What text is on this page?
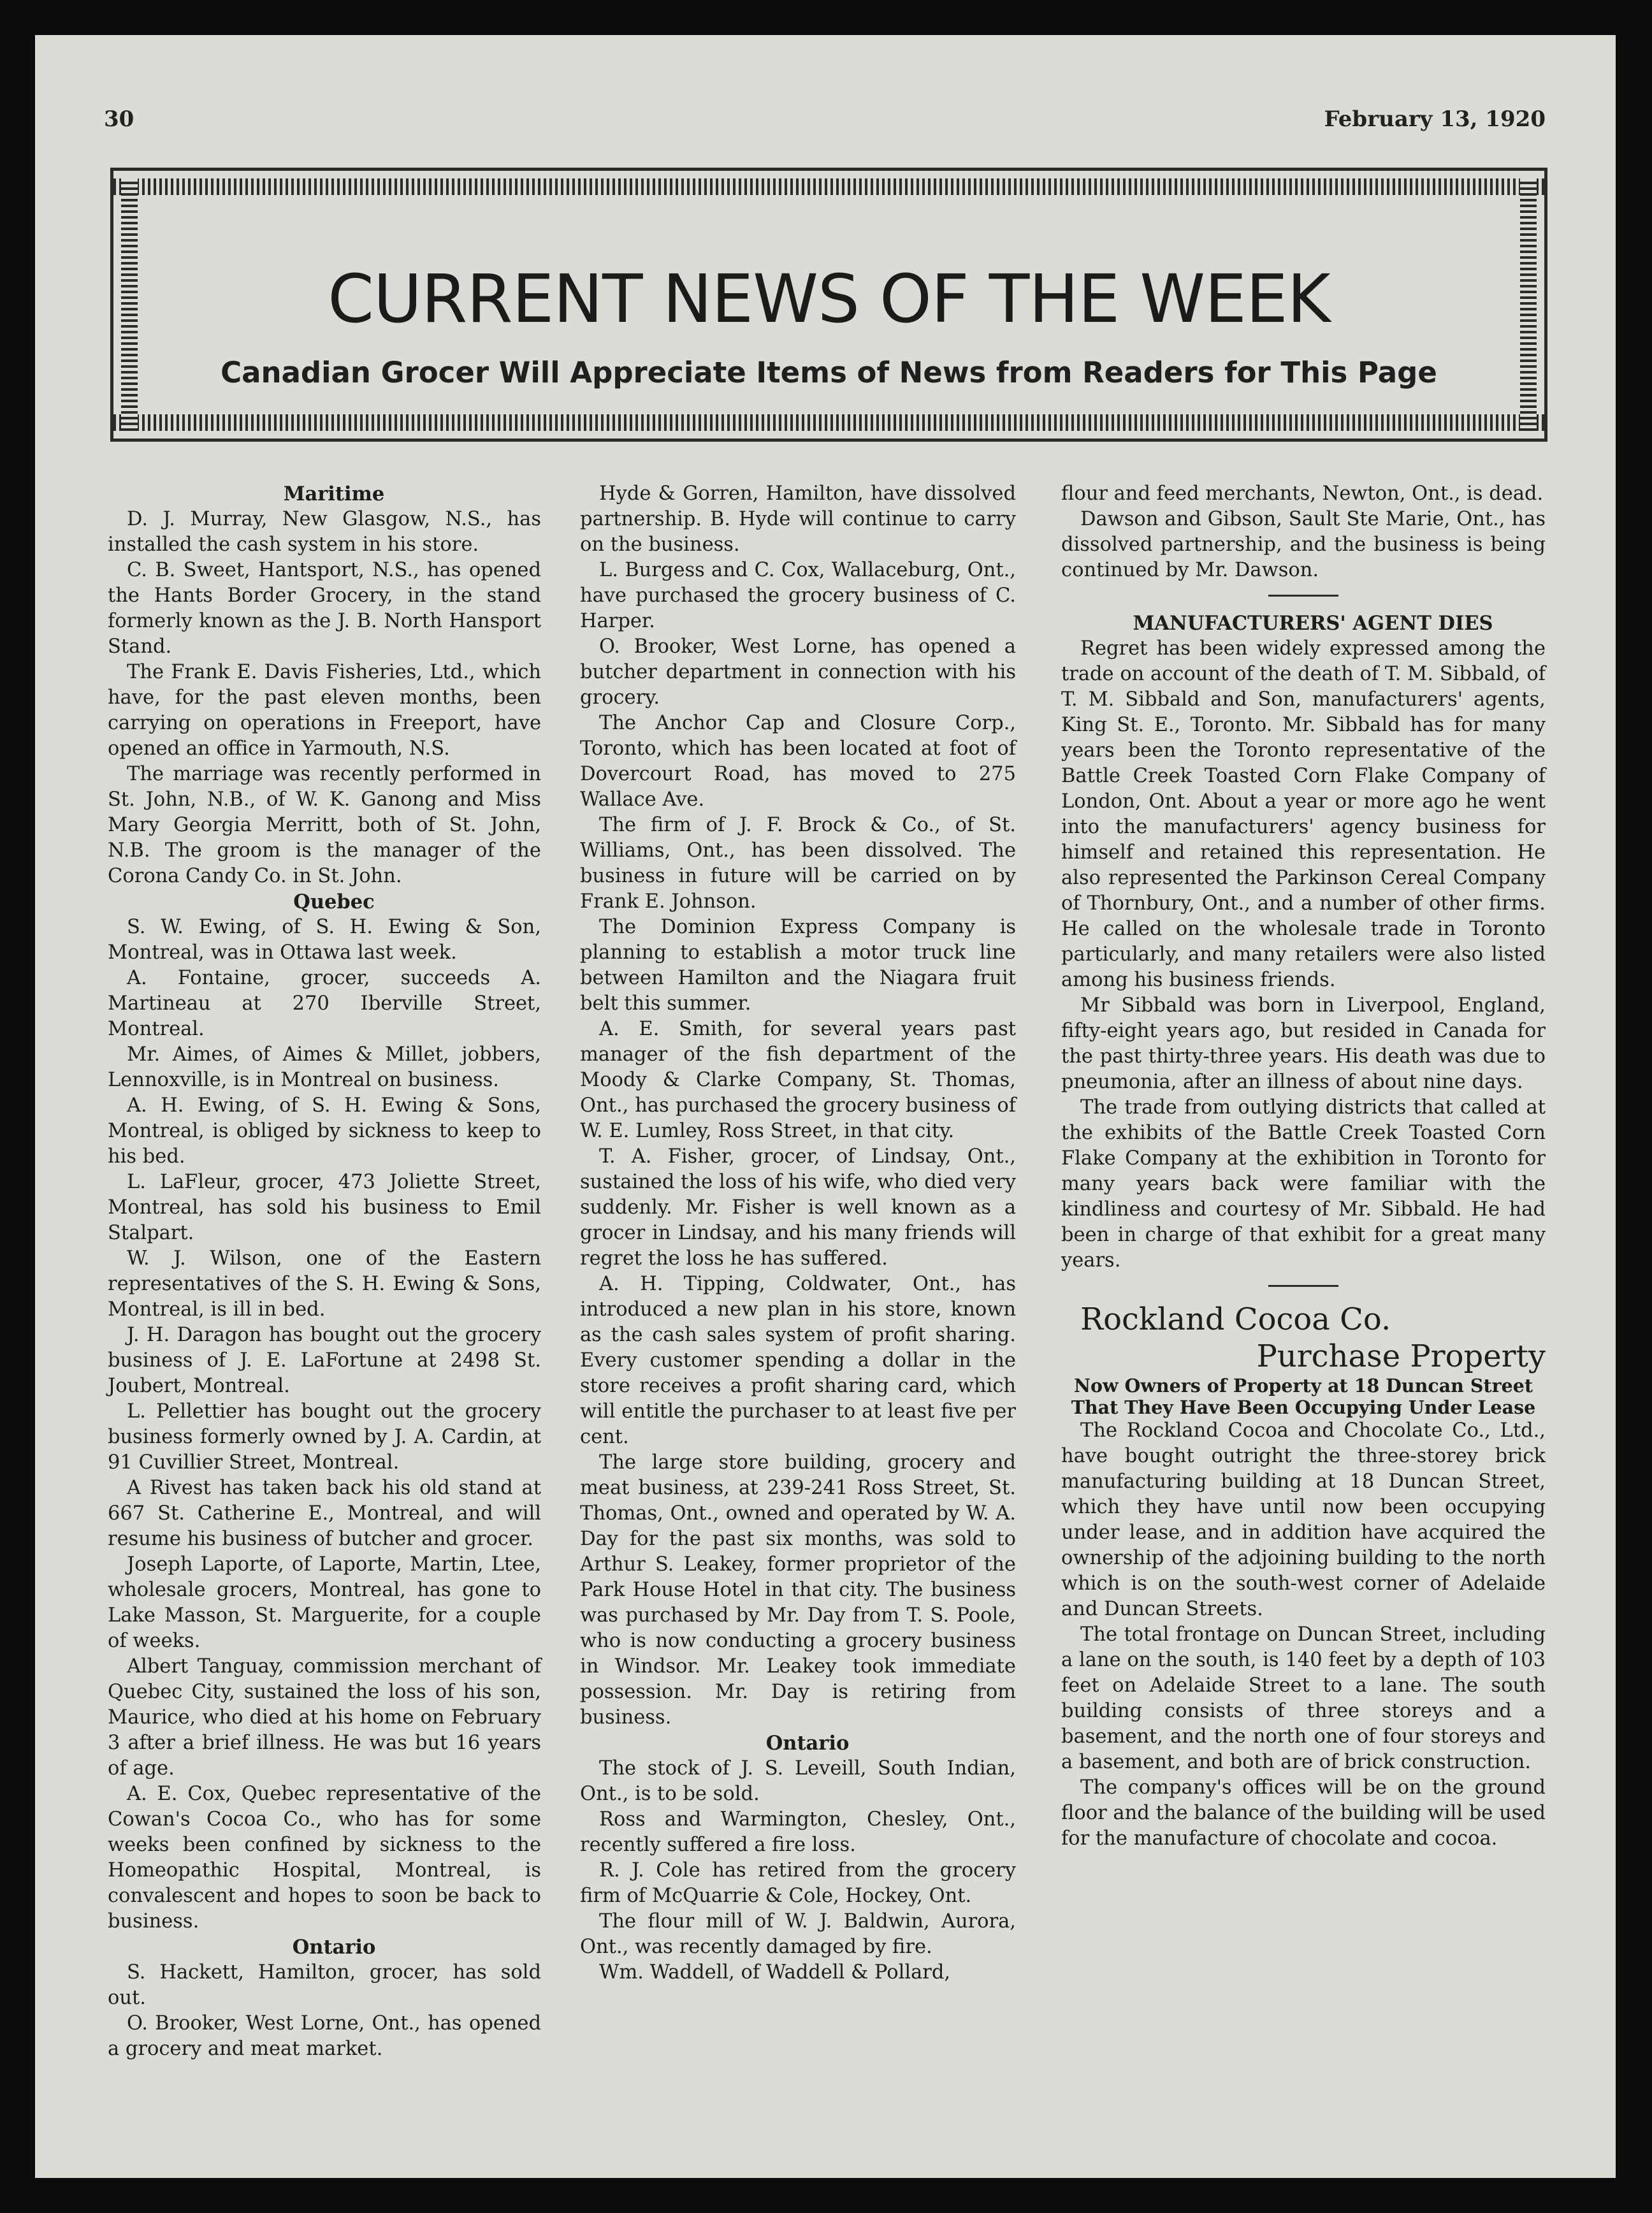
30	February 13, 1920
CURRENT NEWS OF THE WEEK
Canadian Grocer Will Appreciate Items of News from Readers for This Page

Maritime

D. J. Murray, New Glasgow, N.S., has installed the cash system in his store.

C. B. Sweet, Hantsport, N.S., has opened the Hants Border Grocery, in the stand formerly known as the J. B. North Hansport Stand.

The Frank E. Davis Fisheries, Ltd., which have, for the past eleven months, been carrying on operations in Freeport, have opened an office in Yarmouth, N.S.

The marriage was recently performed in St. John, N.B., of W. K. Ganong and Miss Mary Georgia Merritt, both of St. John, N.B. The groom is the manager of the Corona Candy Co. in St. John.

Quebec

S. W. Ewing, of S. H. Ewing & Son, Montreal, was in Ottawa last week.

A. Fontaine, grocer, succeeds A. Martineau at 270 Iberville Street, Montreal.

Mr. Aimes, of Aimes & Millet, jobbers, Lennoxville, is in Montreal on business.

A. H. Ewing, of S. H. Ewing & Sons, Montreal, is obliged by sickness to keep to his bed.

L. LaFleur, grocer, 473 Joliette Street, Montreal, has sold his business to Emil Stalpart.

W. J. Wilson, one of the Eastern representatives of the S. H. Ewing & Sons, Montreal, is ill in bed.

J. H. Daragon has bought out the grocery business of J. E. LaFortune at 2498 St. Joubert, Montreal.

L. Pellettier has bought out the grocery business formerly owned by J. A. Cardin, at 91 Cuvillier Street, Montreal.

A Rivest has taken back his old stand at 667 St. Catherine E., Montreal, and will resume his business of butcher and grocer.

Joseph Laporte, of Laporte, Martin, Ltee, wholesale grocers, Montreal, has gone to Lake Masson, St. Marguerite, for a couple of weeks.

Albert Tanguay, commission merchant of Quebec City, sustained the loss of his son, Maurice, who died at his home on February 3 after a brief illness. He was but 16 years of age.

A. E. Cox, Quebec representative of the Cowan's Cocoa Co., who has for some weeks been confined by sickness to the Homeopathic Hospital, Montreal, is convalescent and hopes to soon be back to business.

Ontario

S. Hackett, Hamilton, grocer, has sold out.

O. Brooker, West Lorne, Ont., has opened a grocery and meat market.

Hyde & Gorren, Hamilton, have dissolved partnership. B. Hyde will continue to carry on the business.

L. Burgess and C. Cox, Wallaceburg, Ont., have purchased the grocery business of C. Harper.

O. Brooker, West Lorne, has opened a butcher department in connection with his grocery.

The Anchor Cap and Closure Corp., Toronto, which has been located at foot of Dovercourt Road, has moved to 275 Wallace Ave.

The firm of J. F. Brock & Co., of St. Williams, Ont., has been dissolved. The business in future will be carried on by Frank E. Johnson.

The Dominion Express Company is planning to establish a motor truck line between Hamilton and the Niagara fruit belt this summer.

A. E. Smith, for several years past manager of the fish department of the Moody & Clarke Company, St. Thomas, Ont., has purchased the grocery business of W. E. Lumley, Ross Street, in that city.

T. A. Fisher, grocer, of Lindsay, Ont., sustained the loss of his wife, who died very suddenly. Mr. Fisher is well known as a grocer in Lindsay, and his many friends will regret the loss he has suffered.

A. H. Tipping, Coldwater, Ont., has introduced a new plan in his store, known as the cash sales system of profit sharing. Every customer spending a dollar in the store receives a profit sharing card, which will entitle the purchaser to at least five per cent.

The large store building, grocery and meat business, at 239-241 Ross Street, St. Thomas, Ont., owned and operated by W. A. Day for the past six months, was sold to Arthur S. Leakey, former proprietor of the Park House Hotel in that city. The business was purchased by Mr. Day from T. S. Poole, who is now conducting a grocery business in Windsor. Mr. Leakey took immediate possession. Mr. Day is retiring from business.

Ontario

The stock of J. S. Leveill, South Indian, Ont., is to be sold.

Ross and Warmington, Chesley, Ont., recently suffered a fire loss.

R. J. Cole has retired from the grocery firm of McQuarrie & Cole, Hockey, Ont.

The flour mill of W. J. Baldwin, Aurora, Ont., was recently damaged by fire.

Wm. Waddell, of Waddell & Pollard,

flour and feed merchants, Newton, Ont., is dead.

Dawson and Gibson, Sault Ste Marie, Ont., has dissolved partnership, and the business is being continued by Mr. Dawson.

MANUFACTURERS' AGENT DIES

Regret has been widely expressed among the trade on account of the death of T. M. Sibbald, of T. M. Sibbald and Son, manufacturers' agents, King St. E., Toronto. Mr. Sibbald has for many years been the Toronto representative of the Battle Creek Toasted Corn Flake Company of London, Ont. About a year or more ago he went into the manufacturers' agency business for himself and retained this representation. He also represented the Parkinson Cereal Company of Thornbury, Ont., and a number of other firms. He called on the wholesale trade in Toronto particularly, and many retailers were also listed among his business friends.

Mr Sibbald was born in Liverpool, England, fifty-eight years ago, but resided in Canada for the past thirty-three years. His death was due to pneumonia, after an illness of about nine days.

The trade from outlying districts that called at the exhibits of the Battle Creek Toasted Corn Flake Company at the exhibition in Toronto for many years back were familiar with the kindliness and courtesy of Mr. Sibbald. He had been in charge of that exhibit for a great many years.

Rockland Cocoa Co.

Purchase Property

Now Owners of Property at 18 Duncan Street That They Have Been Occupying Under Lease

The Rockland Cocoa and Chocolate Co., Ltd., have bought outright the three-storey brick manufacturing building at 18 Duncan Street, which they have until now been occupying under lease, and in addition have acquired the ownership of the adjoining building to the north which is on the south-west corner of Adelaide and Duncan Streets.

The total frontage on Duncan Street, including a lane on the south, is 140 feet by a depth of 103 feet on Adelaide Street to a lane. The south building consists of three storeys and a basement, and the north one of four storeys and a basement, and both are of brick construction.

The company's offices will be on the ground floor and the balance of the building will be used for the manufacture of chocolate and cocoa.
